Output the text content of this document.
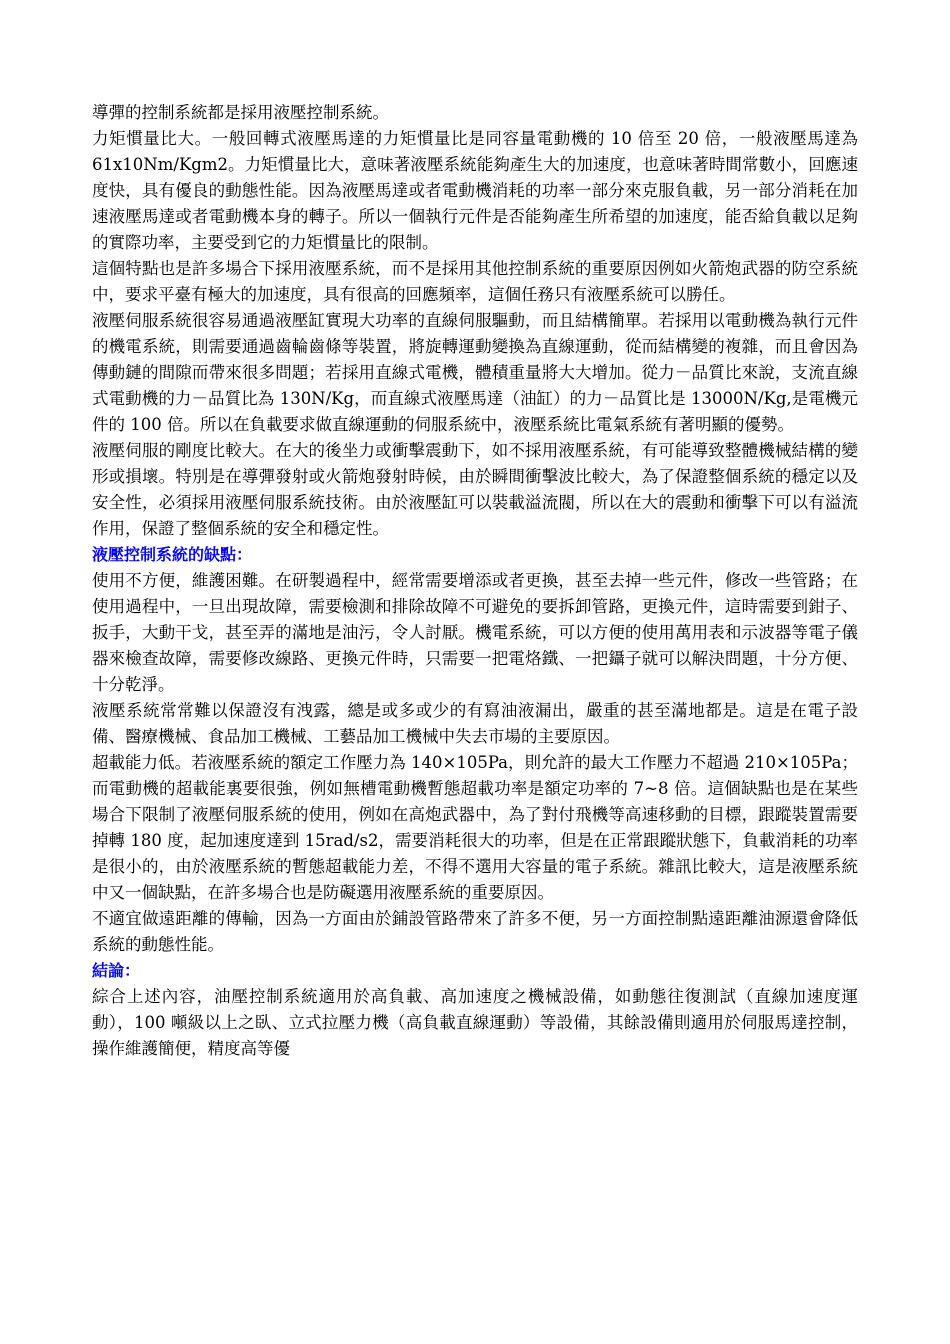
導彈的控制系統都是採用液壓控制系統。

力矩慣量比大。一般回轉式液壓馬達的力矩慣量比是同容量電動機的 10 倍至 20 倍，一般液壓馬達為 61x10Nm/Kgm2。力矩慣量比大，意味著液壓系統能夠產生大的加速度，也意味著時間常數小，回應速度快，具有優良的動態性能。因為液壓馬達或者電動機消耗的功率一部分來克服負載，另一部分消耗在加速液壓馬達或者電動機本身的轉子。所以一個執行元件是否能夠產生所希望的加速度，能否給負載以足夠的實際功率，主要受到它的力矩慣量比的限制。

這個特點也是許多場合下採用液壓系統，而不是採用其他控制系統的重要原因例如火箭炮武器的防空系統中，要求平臺有極大的加速度，具有很高的回應頻率，這個任務只有液壓系統可以勝任。

液壓伺服系統很容易通過液壓缸實現大功率的直線伺服驅動，而且結構簡單。若採用以電動機為執行元件的機電系統，則需要通過齒輪齒條等裝置，將旋轉運動變換為直線運動，從而結構變的複雜，而且會因為傳動鏈的間隙而帶來很多問題；若採用直線式電機，體積重量將大大增加。從力－品質比來說，支流直線式電動機的力－品質比為 130N/Kg，而直線式液壓馬達（油缸）的力－品質比是 13000N/Kg,是電機元件的 100 倍。所以在負載要求做直線運動的伺服系統中，液壓系統比電氣系統有著明顯的優勢。

液壓伺服的剛度比較大。在大的後坐力或衝擊震動下，如不採用液壓系統，有可能導致整體機械結構的變形或損壞。特別是在導彈發射或火箭炮發射時候，由於瞬間衝擊波比較大，為了保證整個系統的穩定以及安全性，必須採用液壓伺服系統技術。由於液壓缸可以裝載溢流閥，所以在大的震動和衝擊下可以有溢流作用，保證了整個系統的安全和穩定性。

液壓控制系統的缺點：

使用不方便，維護困難。在研製過程中，經常需要增添或者更換，甚至去掉一些元件，修改一些管路；在使用過程中，一旦出現故障，需要檢測和排除故障不可避免的要拆卸管路，更換元件，這時需要到鉗子、扳手，大動干戈，甚至弄的滿地是油污，令人討厭。機電系統，可以方便的使用萬用表和示波器等電子儀器來檢查故障，需要修改線路、更換元件時，只需要一把電烙鐵、一把鑷子就可以解決問題，十分方便、十分乾淨。

液壓系統常常難以保證沒有洩露，總是或多或少的有寫油液漏出，嚴重的甚至滿地都是。這是在電子設備、醫療機械、食品加工機械、工藝品加工機械中失去市場的主要原因。

超載能力低。若液壓系統的額定工作壓力為 140×105Pa，則允許的最大工作壓力不超過 210×105Pa；而電動機的超載能裏要很強，例如無槽電動機暫態超載功率是額定功率的 7~8 倍。這個缺點也是在某些場合下限制了液壓伺服系統的使用，例如在高炮武器中，為了對付飛機等高速移動的目標，跟蹤裝置需要掉轉 180 度，起加速度達到 15rad/s2，需要消耗很大的功率，但是在正常跟蹤狀態下，負載消耗的功率是很小的，由於液壓系統的暫態超載能力差，不得不選用大容量的電子系統。雜訊比較大，這是液壓系統中又一個缺點，在許多場合也是防礙選用液壓系統的重要原因。

不適宜做遠距離的傳輸，因為一方面由於鋪設管路帶來了許多不便，另一方面控制點遠距離油源還會降低系統的動態性能。

結論：

綜合上述內容，油壓控制系統適用於高負載、高加速度之機械設備，如動態往復測試（直線加速度運動），100 噸級以上之臥、立式拉壓力機（高負載直線運動）等設備，其餘設備則適用於伺服馬達控制，操作維護簡便，精度高等優
